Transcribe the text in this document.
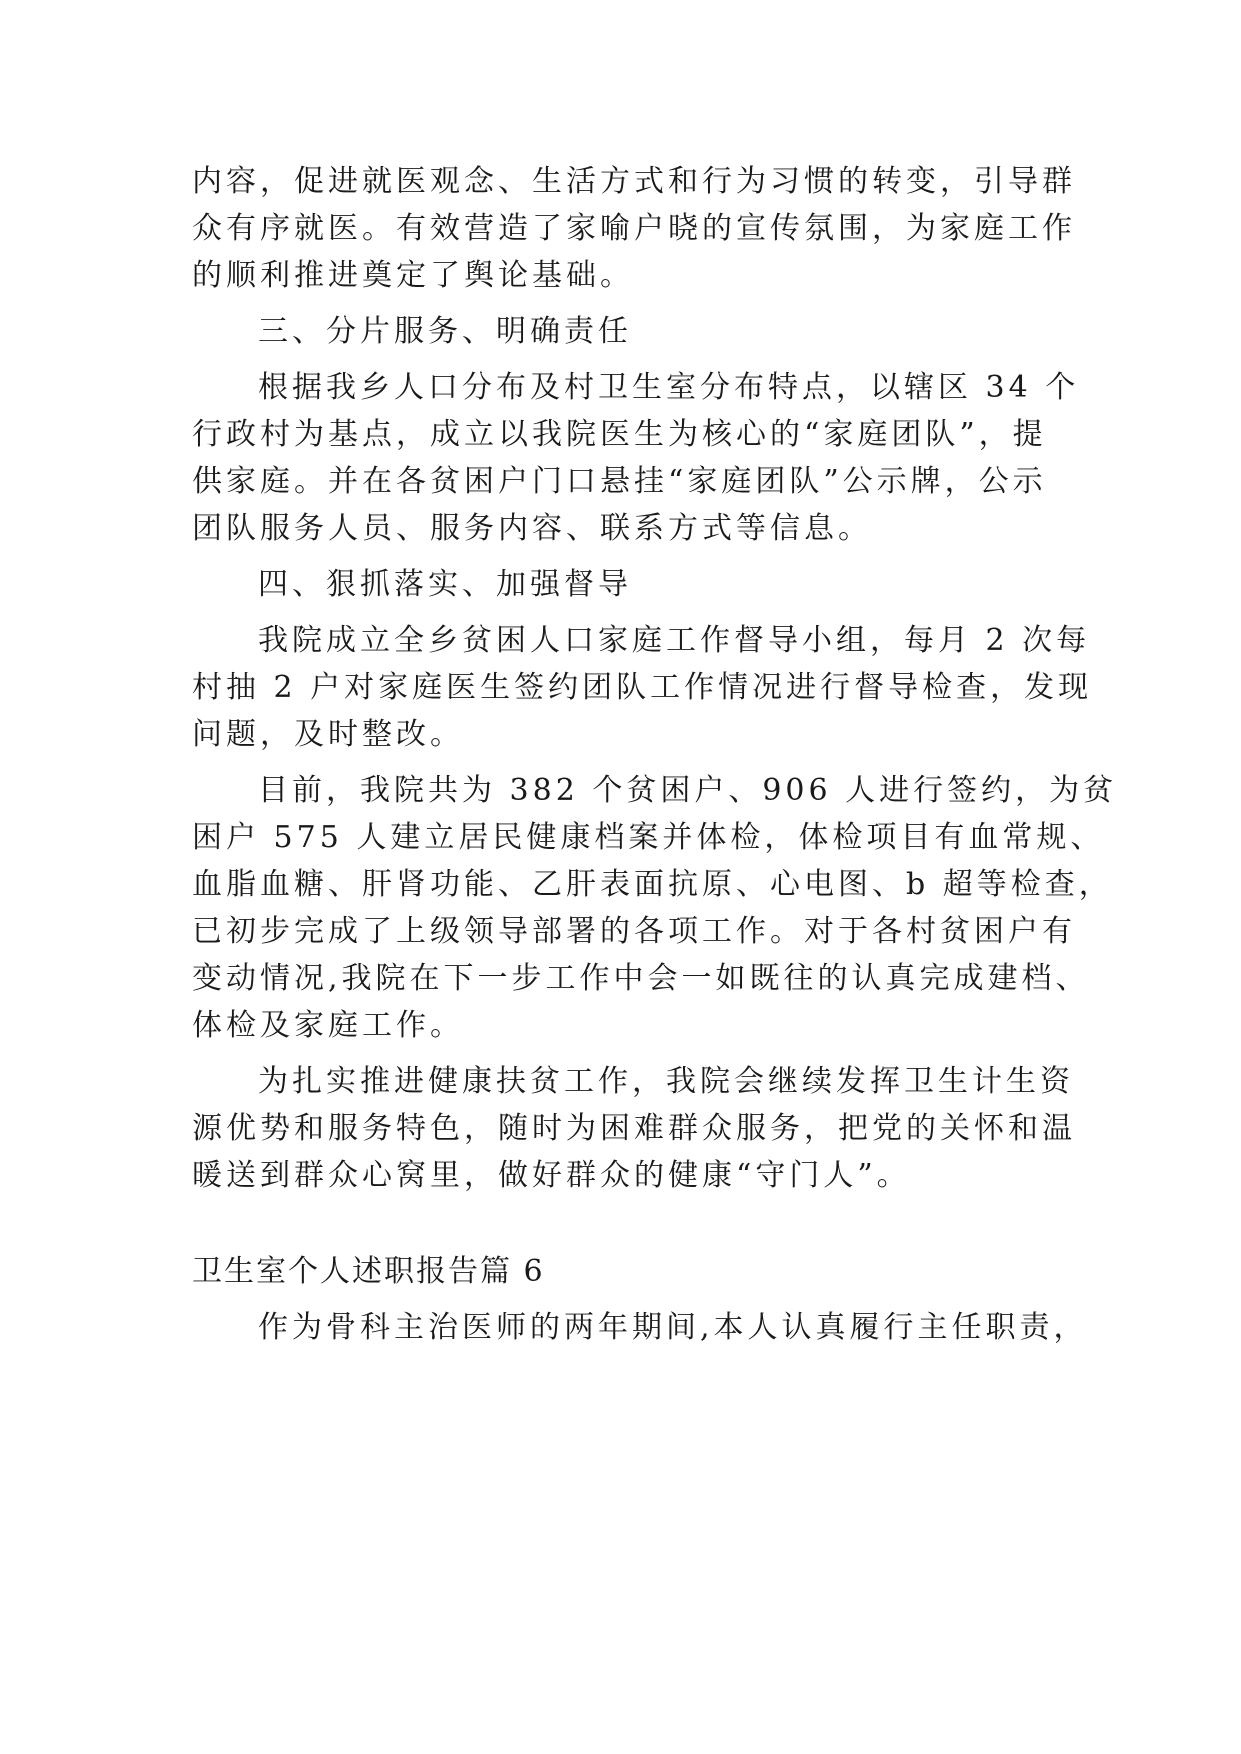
内容，促进就医观念、生活方式和行为习惯的转变，引导群
众有序就医。有效营造了家喻户晓的宣传氛围，为家庭工作
的顺利推进奠定了舆论基础。
三、分片服务、明确责任
根据我乡人口分布及村卫生室分布特点，以辖区 34 个
行政村为基点，成立以我院医生为核心的“家庭团队”，提
供家庭。并在各贫困户门口悬挂“家庭团队”公示牌，公示
团队服务人员、服务内容、联系方式等信息。
四、狠抓落实、加强督导
我院成立全乡贫困人口家庭工作督导小组，每月 2 次每
村抽 2 户对家庭医生签约团队工作情况进行督导检查，发现
问题，及时整改。
目前，我院共为 382 个贫困户、906 人进行签约，为贫
困户 575 人建立居民健康档案并体检，体检项目有血常规、
血脂血糖、肝肾功能、乙肝表面抗原、心电图、b 超等检查，
已初步完成了上级领导部署的各项工作。对于各村贫困户有
变动情况,我院在下一步工作中会一如既往的认真完成建档、
体检及家庭工作。
为扎实推进健康扶贫工作，我院会继续发挥卫生计生资
源优势和服务特色，随时为困难群众服务，把党的关怀和温
暖送到群众心窝里，做好群众的健康“守门人”。
卫生室个人述职报告篇 6
作为骨科主治医师的两年期间,本人认真履行主任职责，
